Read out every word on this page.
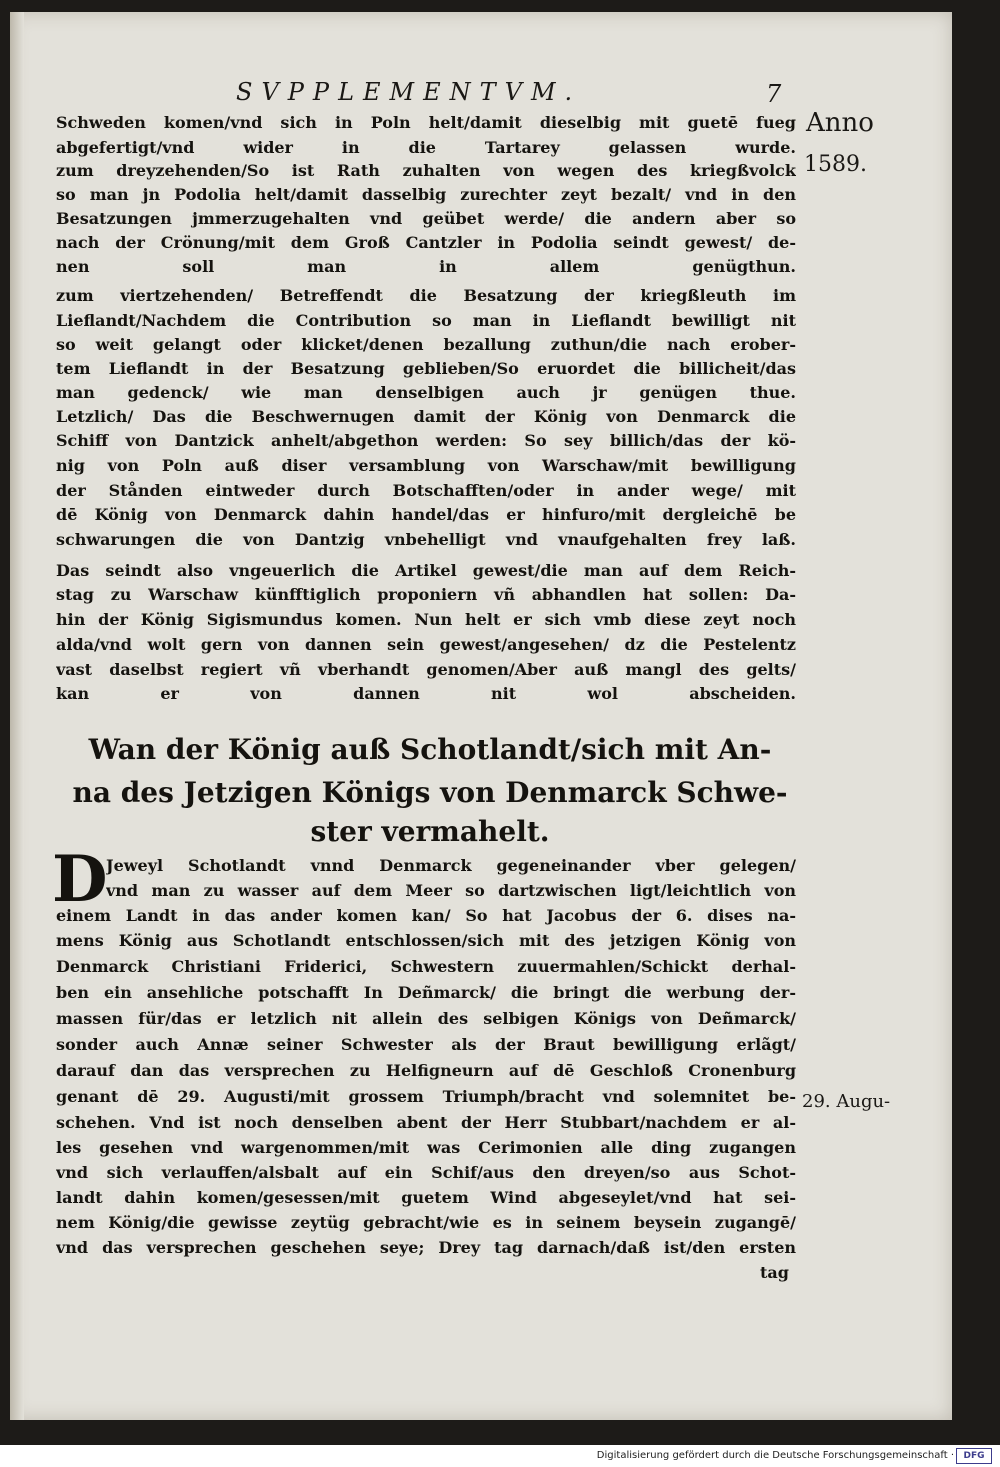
SVPPLEMENTVM.	7
Anno
1589.
Schweden komen/vnd sich in Poln helt/damit dieselbig mit guetē fueg
abgefertigt/vnd wider in die Tartarey gelassen wurde.
zum dreyzehenden/So ist Rath zuhalten von wegen des kriegßvolck
so man jn Podolia helt/damit dasselbig zurechter zeyt bezalt/ vnd in den
Besatzungen jmmerzugehalten vnd geübet werde/ die andern aber so
nach der Crönung/mit dem Groß Cantzler in Podolia seindt gewest/ de-
nen soll man in allem genügthun.
zum viertzehenden/ Betreffendt die Besatzung der kriegßleuth im
Lieflandt/Nachdem die Contribution so man in Lieflandt bewilligt nit
so weit gelangt oder klicket/denen bezallung zuthun/die nach erober-
tem Lieflandt in der Besatzung geblieben/So eruordet die billicheit/das
man gedenck/ wie man denselbigen auch jr genügen thue.
Letzlich/ Das die Beschwernugen damit der König von Denmarck die
Schiff von Dantzick anhelt/abgethon werden: So sey billich/das der kö-
nig von Poln auß diser versamblung von Warschaw/mit bewilligung
der Stånden eintweder durch Botschafften/oder in ander wege/ mit
dē König von Denmarck dahin handel/das er hinfuro/mit dergleichē be
schwarungen die von Dantzig vnbehelligt vnd vnaufgehalten frey laß.
Das seindt also vngeuerlich die Artikel gewest/die man auf dem Reich-
stag zu Warschaw künfftiglich proponiern vñ abhandlen hat sollen: Da-
hin der König Sigismundus komen. Nun helt er sich vmb diese zeyt noch
alda/vnd wolt gern von dannen sein gewest/angesehen/ dz die Pestelentz
vast daselbst regiert vñ vberhandt genomen/Aber auß mangl des gelts/
kan er von dannen nit wol abscheiden.
Wan der König auß Schotlandt/sich mit An-
na des Jetzigen Königs von Denmarck Schwe-
ster vermahelt.
D
Jeweyl Schotlandt vnnd Denmarck gegeneinander vber gelegen/
vnd man zu wasser auf dem Meer so dartzwischen ligt/leichtlich von
einem Landt in das ander komen kan/ So hat Jacobus der 6. dises na-
mens König aus Schotlandt entschlossen/sich mit des jetzigen König von
Denmarck Christiani Friderici, Schwestern zuuermahlen/Schickt derhal-
ben ein ansehliche potschafft In Deñmarck/ die bringt die werbung der-
massen für/das er letzlich nit allein des selbigen Königs von Deñmarck/
sonder auch Annæ seiner Schwester als der Braut bewilligung erlãgt/
darauf dan das versprechen zu Helfigneurn auf dē Geschloß Cronenburg
genant dē 29. Augusti/mit grossem Triumph/bracht vnd solemnitet be-
schehen. Vnd ist noch denselben abent der Herr Stubbart/nachdem er al-
les gesehen vnd wargenommen/mit was Cerimonien alle ding zugangen
vnd sich verlauffen/alsbalt auf ein Schif/aus den dreyen/so aus Schot-
landt dahin komen/gesessen/mit guetem Wind abgeseylet/vnd hat sei-
nem König/die gewisse zeytüg gebracht/wie es in seinem beysein zugangē/
vnd das versprechen geschehen seye; Drey tag darnach/daß ist/den ersten
tag
29. Augu-
Digitalisierung gefördert durch die Deutsche Forschungsgemeinschaft ·	DFG
